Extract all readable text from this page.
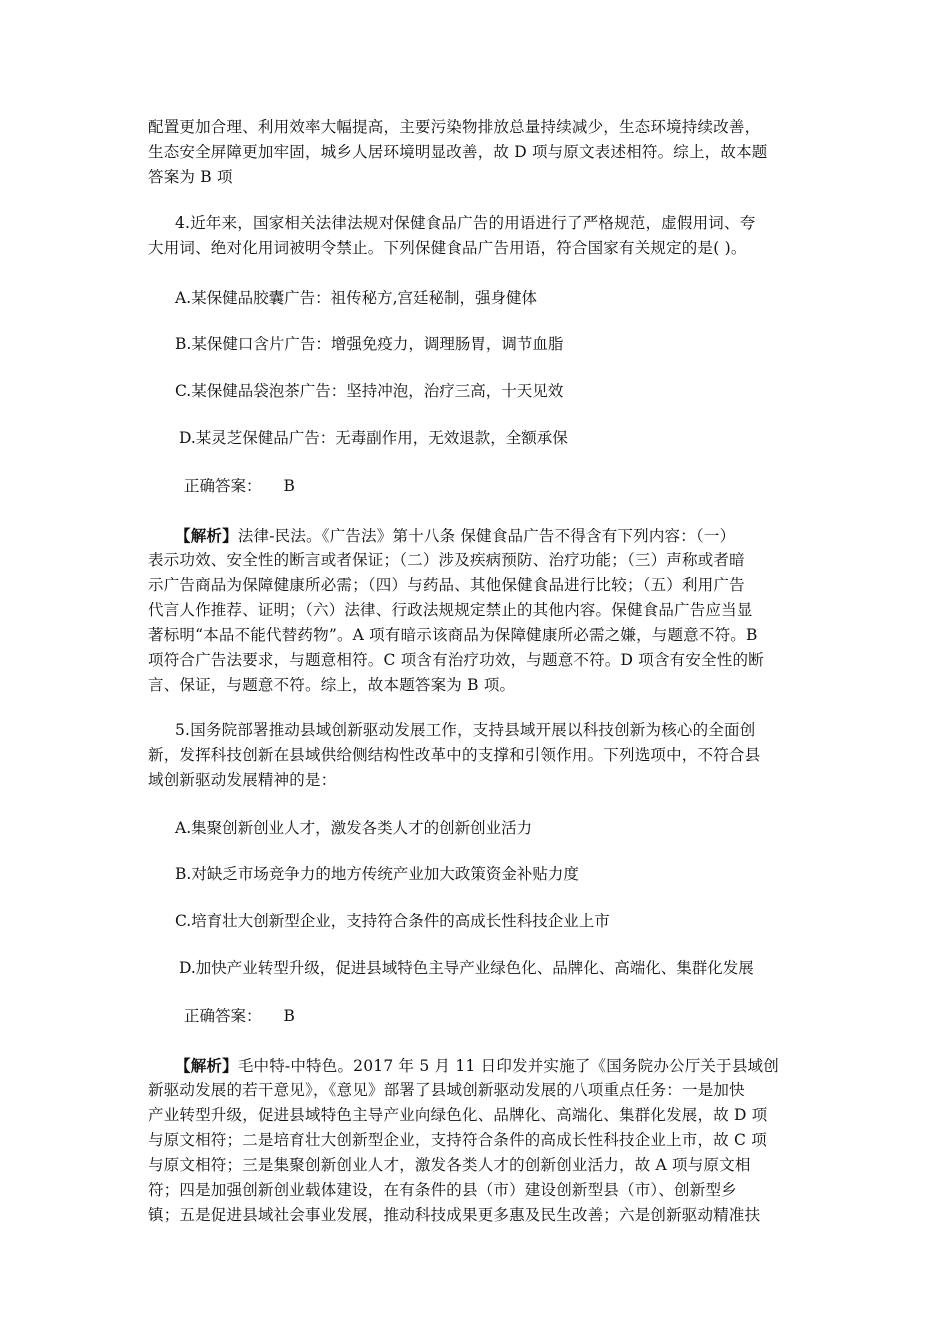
配置更加合理、利用效率大幅提高，主要污染物排放总量持续减少，生态环境持续改善，
生态安全屏障更加牢固，城乡人居环境明显改善，故 D 项与原文表述相符。综上，故本题
答案为 B 项
4.近年来，国家相关法律法规对保健食品广告的用语进行了严格规范，虚假用词、夸
大用词、绝对化用词被明令禁止。下列保健食品广告用语，符合国家有关规定的是( )。
A.某保健品胶囊广告：祖传秘方,宫廷秘制，强身健体
B.某保健口含片广告：增强免疫力，调理肠胃，调节血脂
C.某保健品袋泡茶广告：坚持冲泡，治疗三高，十天见效
D.某灵芝保健品广告：无毒副作用，无效退款，全额承保
正确答案： B
【解析】法律-民法。《广告法》第十八条 保健食品广告不得含有下列内容：（一）
表示功效、安全性的断言或者保证；（二）涉及疾病预防、治疗功能；（三）声称或者暗
示广告商品为保障健康所必需；（四）与药品、其他保健食品进行比较；（五）利用广告
代言人作推荐、证明；（六）法律、行政法规规定禁止的其他内容。保健食品广告应当显
著标明“本品不能代替药物”。A 项有暗示该商品为保障健康所必需之嫌，与题意不符。B
项符合广告法要求，与题意相符。C 项含有治疗功效，与题意不符。D 项含有安全性的断
言、保证，与题意不符。综上，故本题答案为 B 项。
5.国务院部署推动县域创新驱动发展工作，支持县域开展以科技创新为核心的全面创
新，发挥科技创新在县域供给侧结构性改革中的支撑和引领作用。下列选项中，不符合县
域创新驱动发展精神的是：
A.集聚创新创业人才，激发各类人才的创新创业活力
B.对缺乏市场竞争力的地方传统产业加大政策资金补贴力度
C.培育壮大创新型企业，支持符合条件的高成长性科技企业上市
D.加快产业转型升级，促进县域特色主导产业绿色化、品牌化、高端化、集群化发展
正确答案： B
【解析】毛中特-中特色。2017 年 5 月 11 日印发并实施了《国务院办公厅关于县域创
新驱动发展的若干意见》，《意见》部署了县域创新驱动发展的八项重点任务：一是加快
产业转型升级，促进县域特色主导产业向绿色化、品牌化、高端化、集群化发展，故 D 项
与原文相符；二是培育壮大创新型企业，支持符合条件的高成长性科技企业上市，故 C 项
与原文相符；三是集聚创新创业人才，激发各类人才的创新创业活力，故 A 项与原文相
符；四是加强创新创业载体建设，在有条件的县（市）建设创新型县（市）、创新型乡
镇；五是促进县域社会事业发展，推动科技成果更多惠及民生改善；六是创新驱动精准扶
